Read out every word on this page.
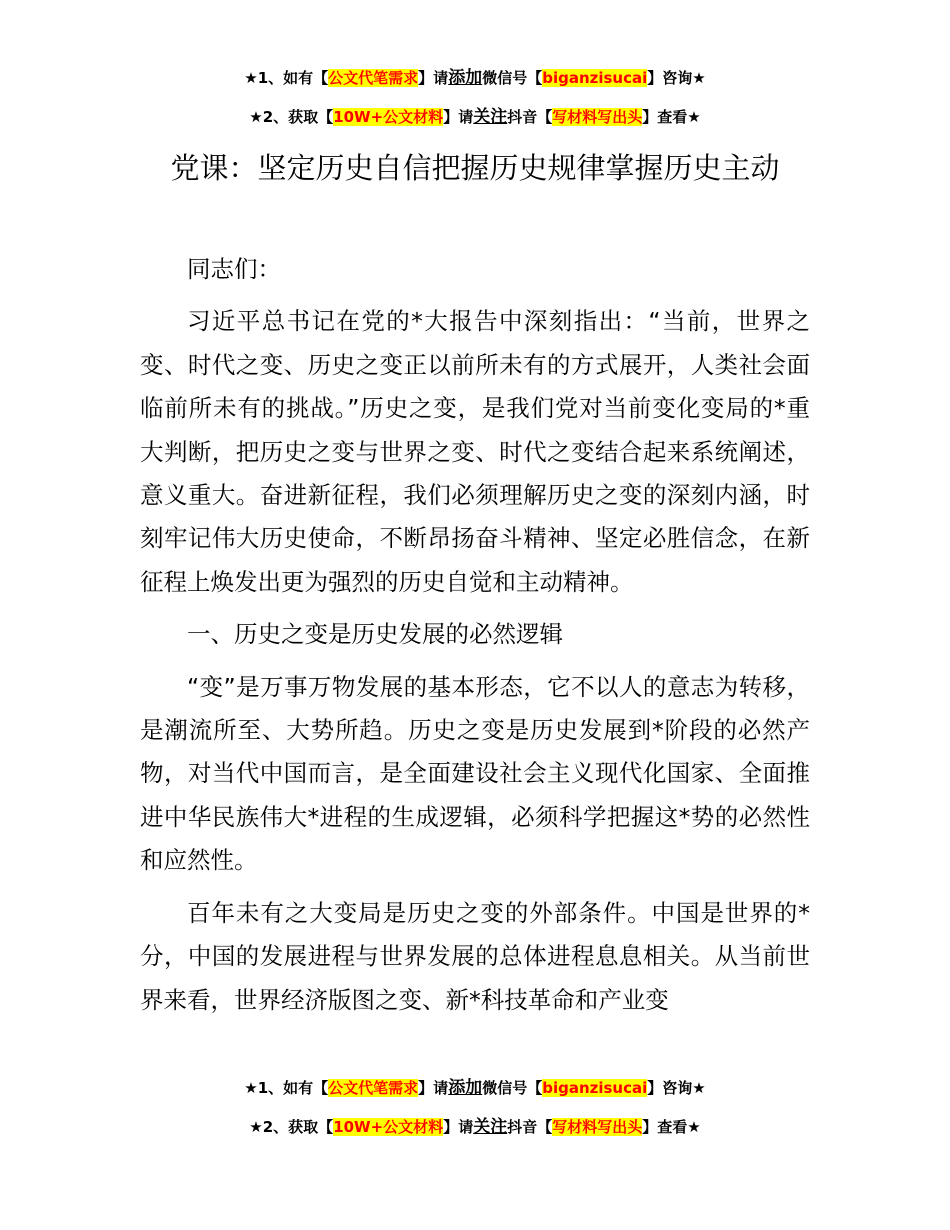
★1、如有【公文代笔需求】请添加微信号【biganzisucai】咨询★
★2、获取【10W+公文材料】请关注抖音【写材料写出头】查看★
党课：坚定历史自信把握历史规律掌握历史主动

同志们：

习近平总书记在党的*大报告中深刻指出：“当前，世界之变、时代之变、历史之变正以前所未有的方式展开，人类社会面临前所未有的挑战。”历史之变，是我们党对当前变化变局的*重大判断，把历史之变与世界之变、时代之变结合起来系统阐述，意义重大。奋进新征程，我们必须理解历史之变的深刻内涵，时刻牢记伟大历史使命，不断昂扬奋斗精神、坚定必胜信念，在新征程上焕发出更为强烈的历史自觉和主动精神。

一、历史之变是历史发展的必然逻辑

“变”是万事万物发展的基本形态，它不以人的意志为转移，是潮流所至、大势所趋。历史之变是历史发展到*阶段的必然产物，对当代中国而言，是全面建设社会主义现代化国家、全面推进中华民族伟大*进程的生成逻辑，必须科学把握这*势的必然性和应然性。

百年未有之大变局是历史之变的外部条件。中国是世界的*分，中国的发展进程与世界发展的总体进程息息相关。从当前世界来看，世界经济版图之变、新*科技革命和产业变

★1、如有【公文代笔需求】请添加微信号【biganzisucai】咨询★
★2、获取【10W+公文材料】请关注抖音【写材料写出头】查看★
